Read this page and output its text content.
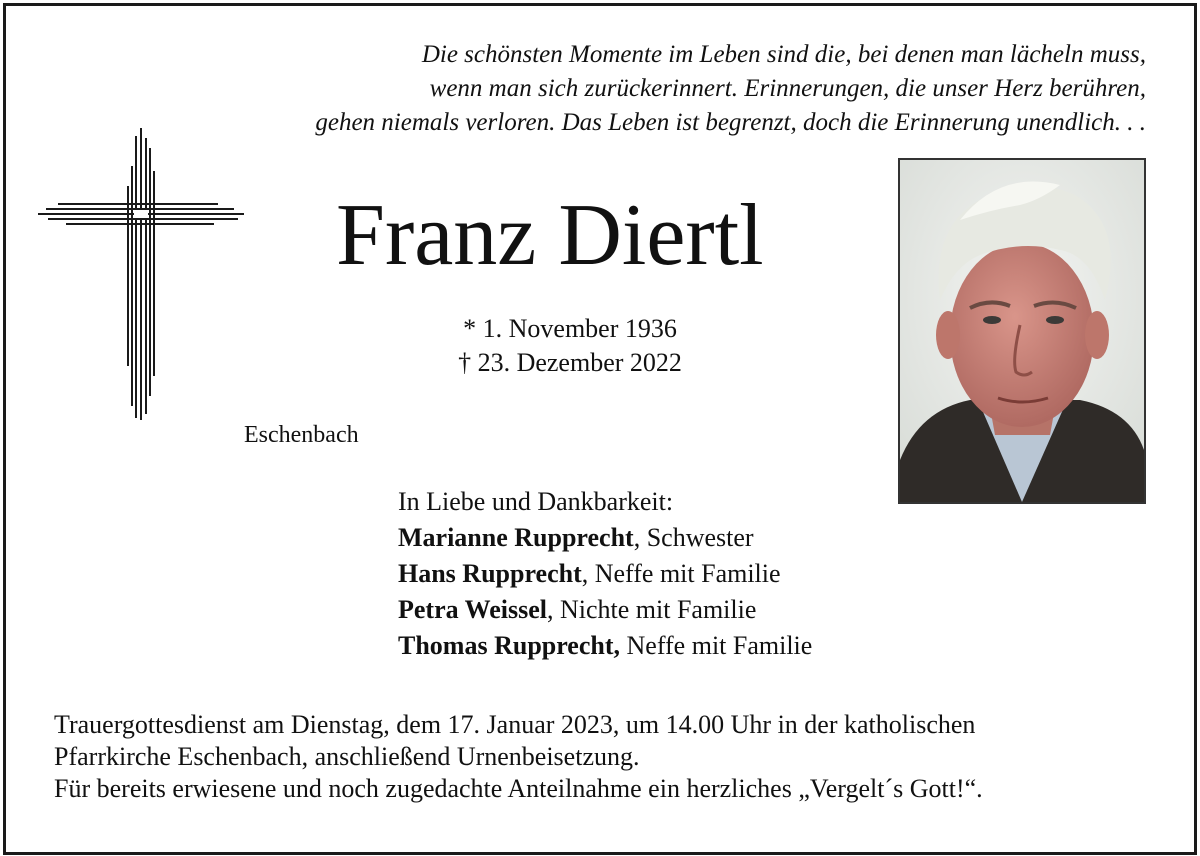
Die schönsten Momente im Leben sind die, bei denen man lächeln muss,
wenn man sich zurückerinnert. Erinnerungen, die unser Herz berühren,
gehen niemals verloren. Das Leben ist begrenzt, doch die Erinnerung unendlich. . .

Franz Diertl
* 1. November 1936
† 23. Dezember 2022
Eschenbach
In Liebe und Dankbarkeit:
Marianne Rupprecht, Schwester
Hans Rupprecht, Neffe mit Familie
Petra Weissel, Nichte mit Familie
Thomas Rupprecht, Neffe mit Familie
Trauergottesdienst am Dienstag, dem 17. Januar 2023, um 14.00 Uhr in der katholischen
Pfarrkirche Eschenbach, anschließend Urnenbeisetzung.
Für bereits erwiesene und noch zugedachte Anteilnahme ein herzliches „Vergelt´s Gott!“.
